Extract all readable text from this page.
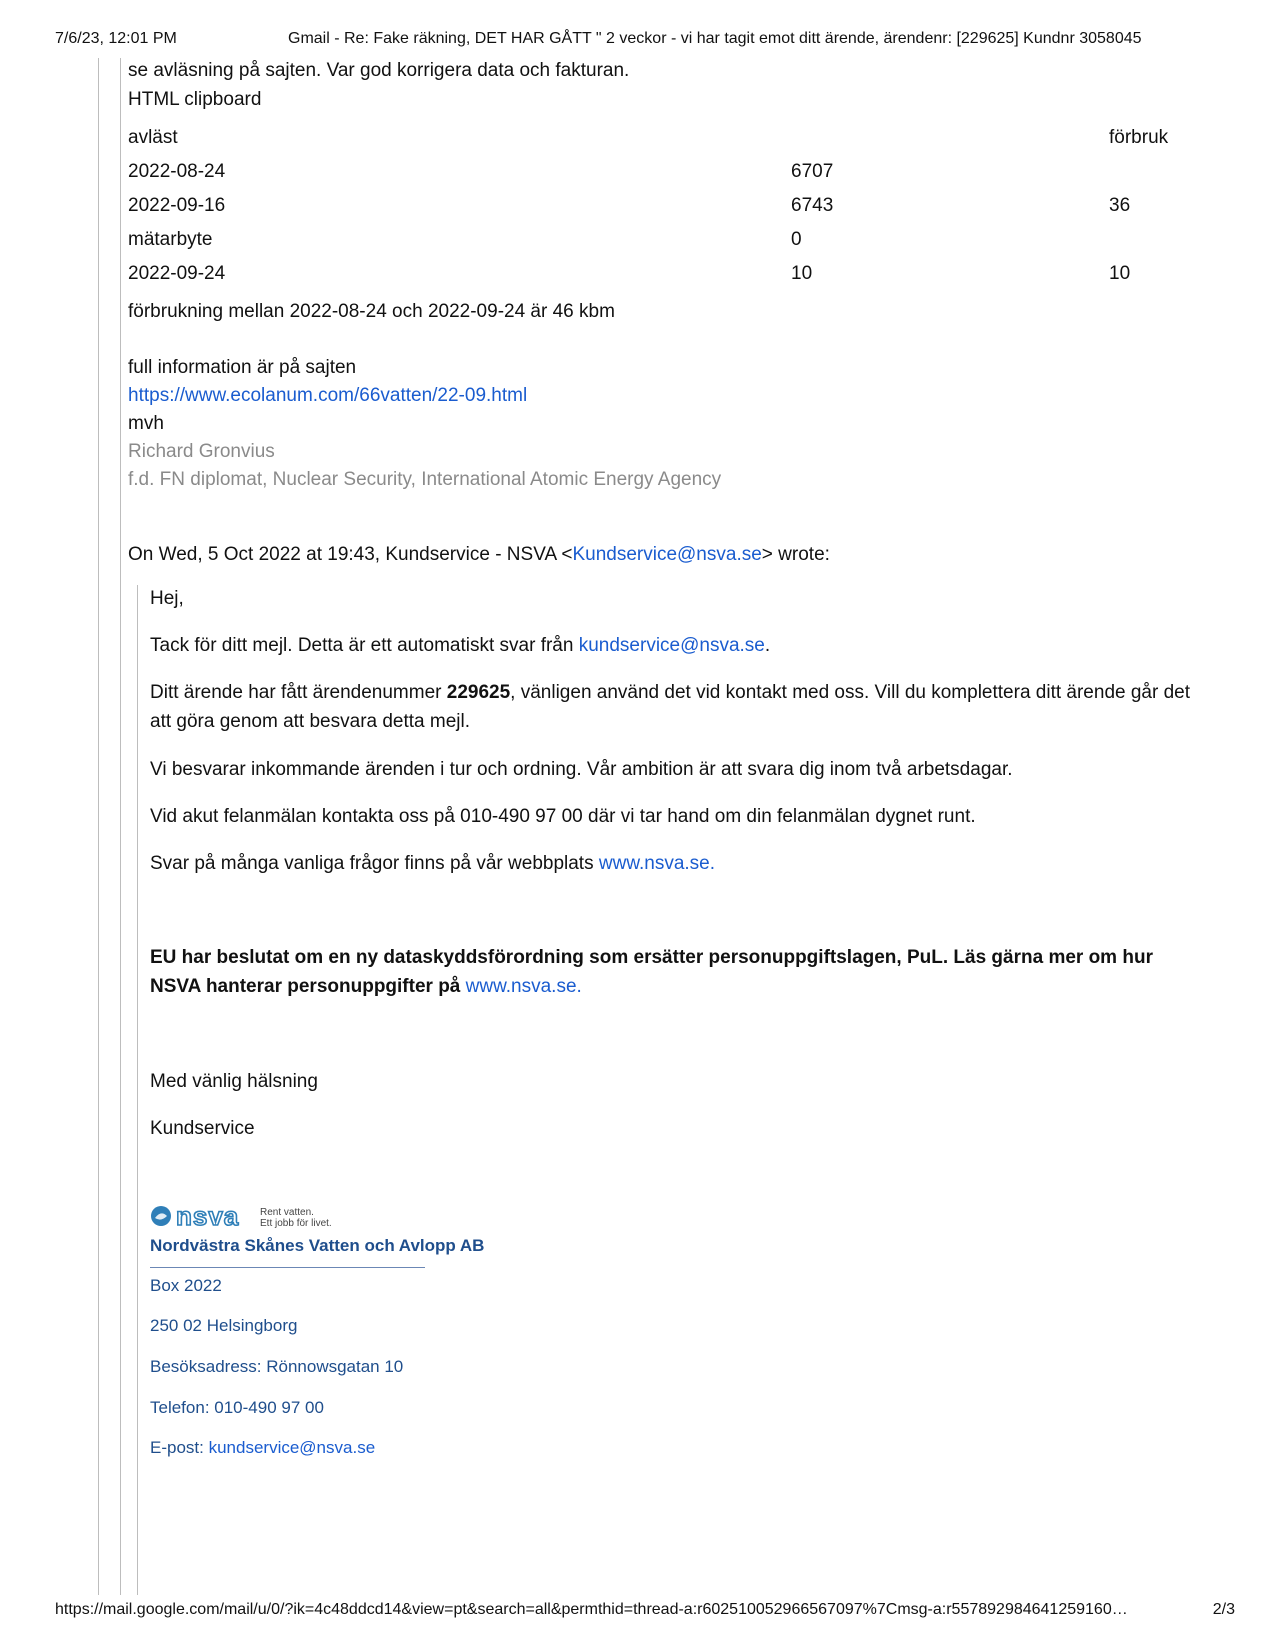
7/6/23, 12:01 PM	Gmail - Re: Fake räkning, DET HAR GÅTT " 2 veckor - vi har tagit emot ditt ärende, ärendenr: [229625] Kundnr 3058045
se avläsning på sajten. Var god korrigera data och fakturan.
HTML clipboard
avläst		förbruk
2022-08-24	6707	
2022-09-16	6743	36
mätarbyte	0	
2022-09-24	10	10
förbrukning mellan 2022-08-24 och 2022-09-24 är 46 kbm
full information är på sajten
https://www.ecolanum.com/66vatten/22-09.html
mvh
Richard Gronvius
f.d. FN diplomat, Nuclear Security, International Atomic Energy Agency
On Wed, 5 Oct 2022 at 19:43, Kundservice - NSVA <Kundservice@nsva.se> wrote:

Hej,

Tack för ditt mejl. Detta är ett automatiskt svar från kundservice@nsva.se.

Ditt ärende har fått ärendenummer 229625, vänligen använd det vid kontakt med oss. Vill du komplettera ditt ärende går det att göra genom att besvara detta mejl.

Vi besvarar inkommande ärenden i tur och ordning. Vår ambition är att svara dig inom två arbetsdagar.

Vid akut felanmälan kontakta oss på 010-490 97 00 där vi tar hand om din felanmälan dygnet runt.

Svar på många vanliga frågor finns på vår webbplats www.nsva.se.

EU har beslutat om en ny dataskyddsförordning som ersätter personuppgiftslagen, PuL. Läs gärna mer om hur NSVA hanterar personuppgifter på www.nsva.se.

Med vänlig hälsning

Kundservice

nsva Rent vatten.
Ett jobb för livet.
Nordvästra Skånes Vatten och Avlopp AB
Box 2022
250 02 Helsingborg
Besöksadress: Rönnowsgatan 10
Telefon: 010-490 97 00
E-post: kundservice@nsva.se
https://mail.google.com/mail/u/0/?ik=4c48ddcd14&view=pt&search=all&permthid=thread-a:r6025100529665670​97%7Cmsg-a:r557892984641259160…	2/3
